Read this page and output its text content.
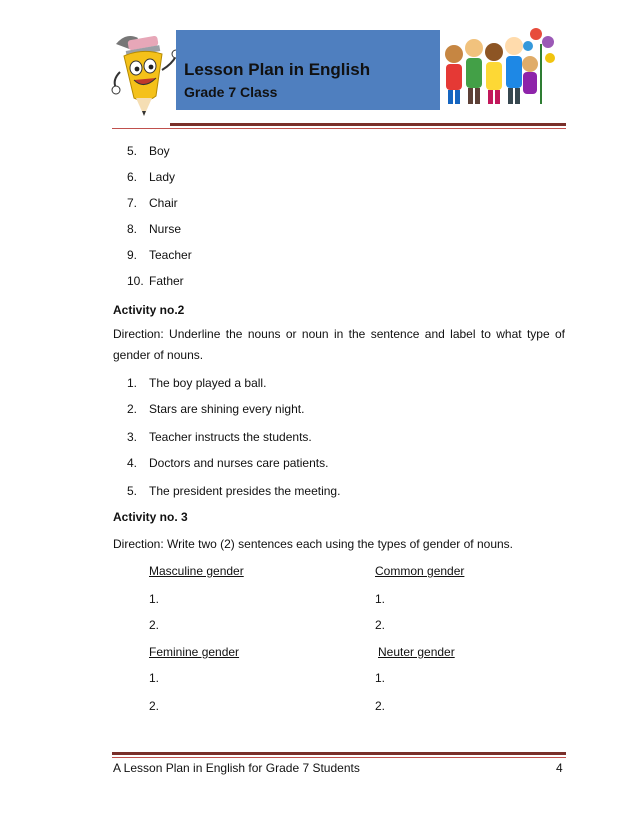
Lesson Plan in English
Grade 7 Class
5. Boy
6. Lady
7. Chair
8. Nurse
9. Teacher
10. Father
Activity no.2
Direction: Underline the nouns or noun in the sentence and label to what type of gender of nouns.
1. The boy played a ball.
2. Stars are shining every night.
3. Teacher instructs the students.
4. Doctors and nurses care patients.
5. The president presides the meeting.
Activity no. 3
Direction: Write two (2) sentences each using the types of gender of nouns.
Masculine gender	Common gender
1.	1.
2.	2.
Feminine gender	Neuter gender
1.	1.
2.	2.
A Lesson Plan in English for Grade 7 Students	4
